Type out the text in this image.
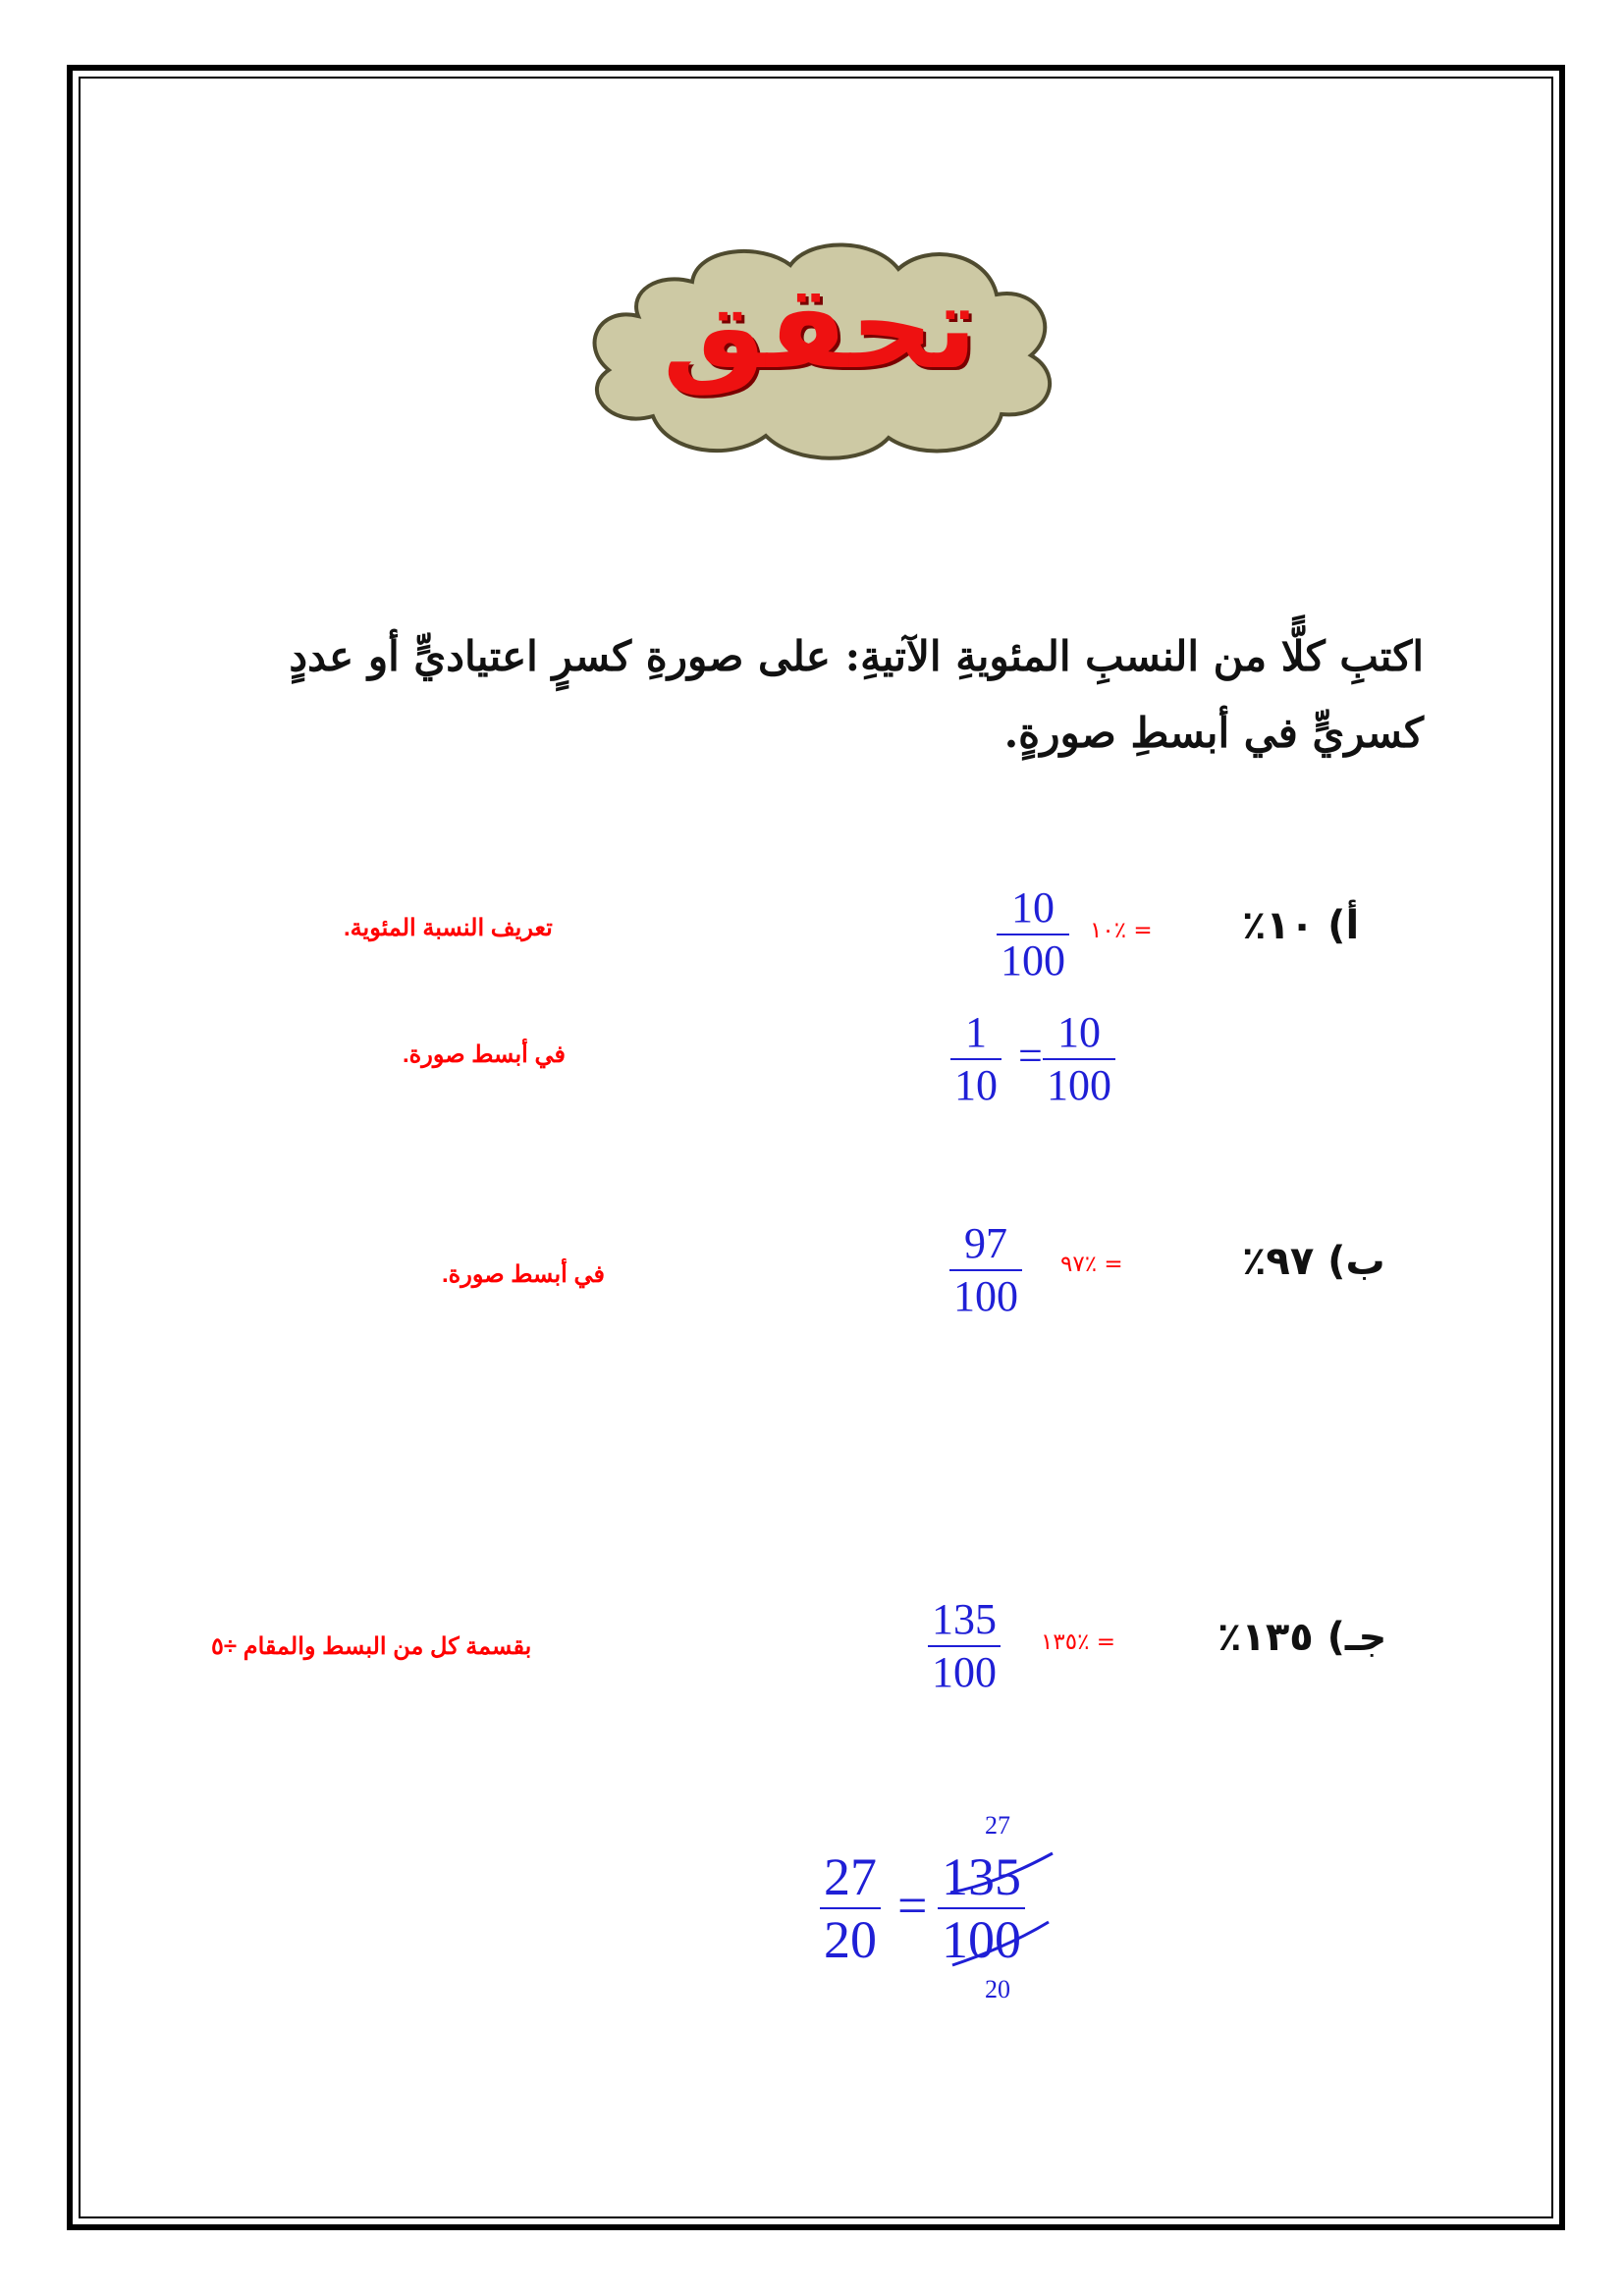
تحقق
اكتبِ كلًّا من النسبِ المئويةِ الآتيةِ: على صورةِ كسرٍ اعتياديٍّ أو عددٍ كسريٍّ في أبسطِ صورةٍ.
أ) ١٠٪
١٠٪ =
10
100
تعريف النسبة المئوية.
1
10
= 10
100
في أبسط صورة.
ب) ٩٧٪
٩٧٪ =
97
100
في أبسط صورة.
جـ) ١٣٥٪
١٣٥٪ =
135
100
بقسمة كل من البسط والمقام ÷٥
27
20
= 135
100
27
20
